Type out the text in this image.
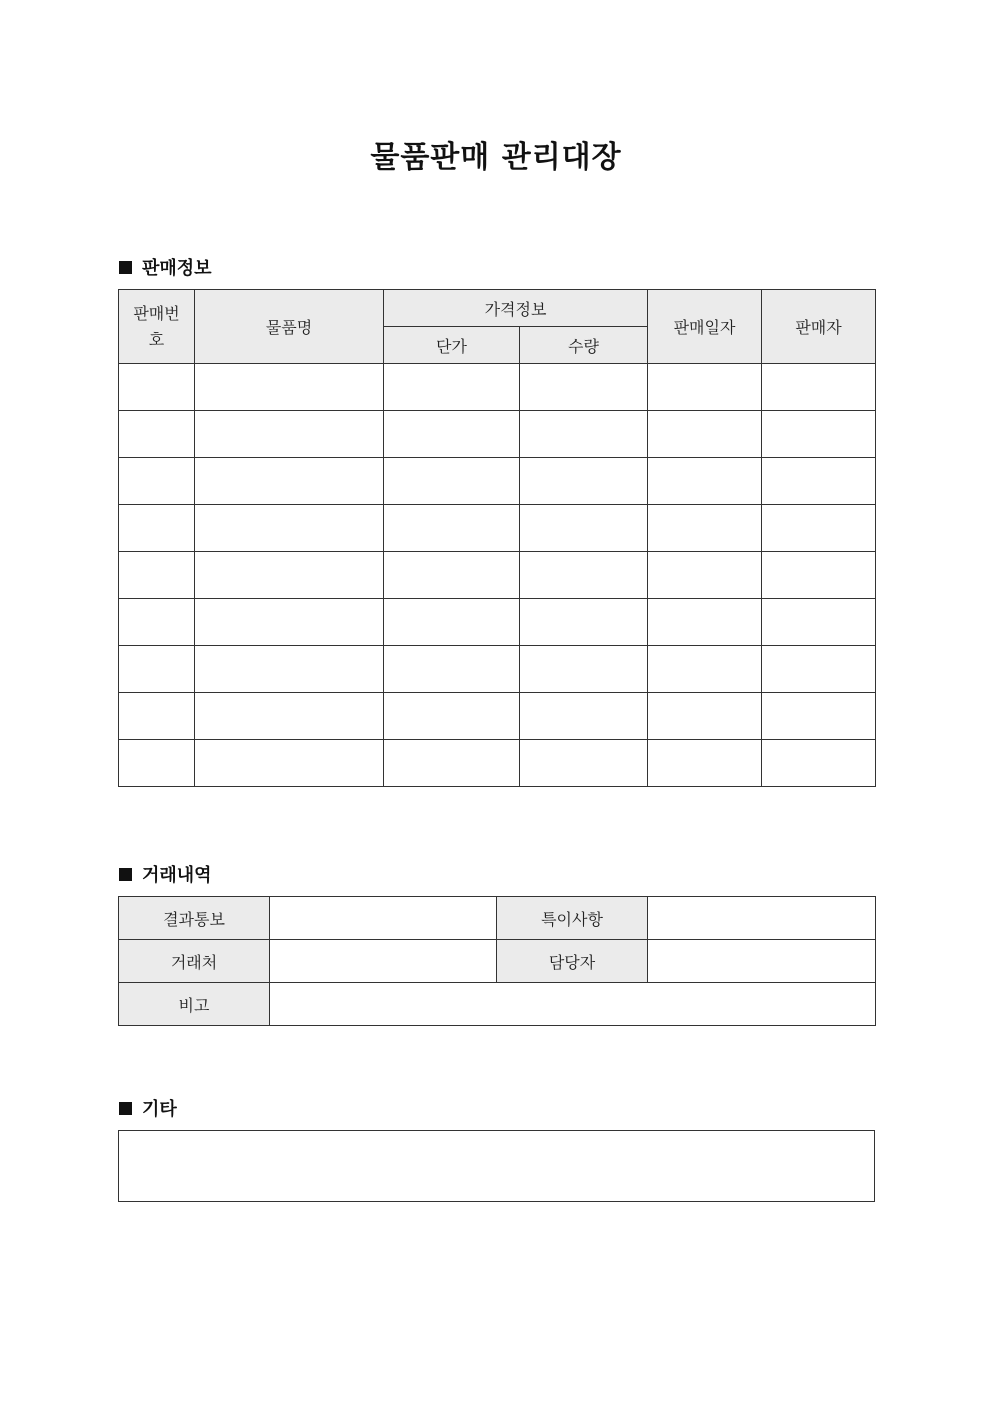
물품판매 관리대장
판매정보
판매번호	물품명	가격정보		판매일자	판매자
		단가	수량		

거래내역
결과통보		특이사항	
거래처		담당자	
비고			
기타
